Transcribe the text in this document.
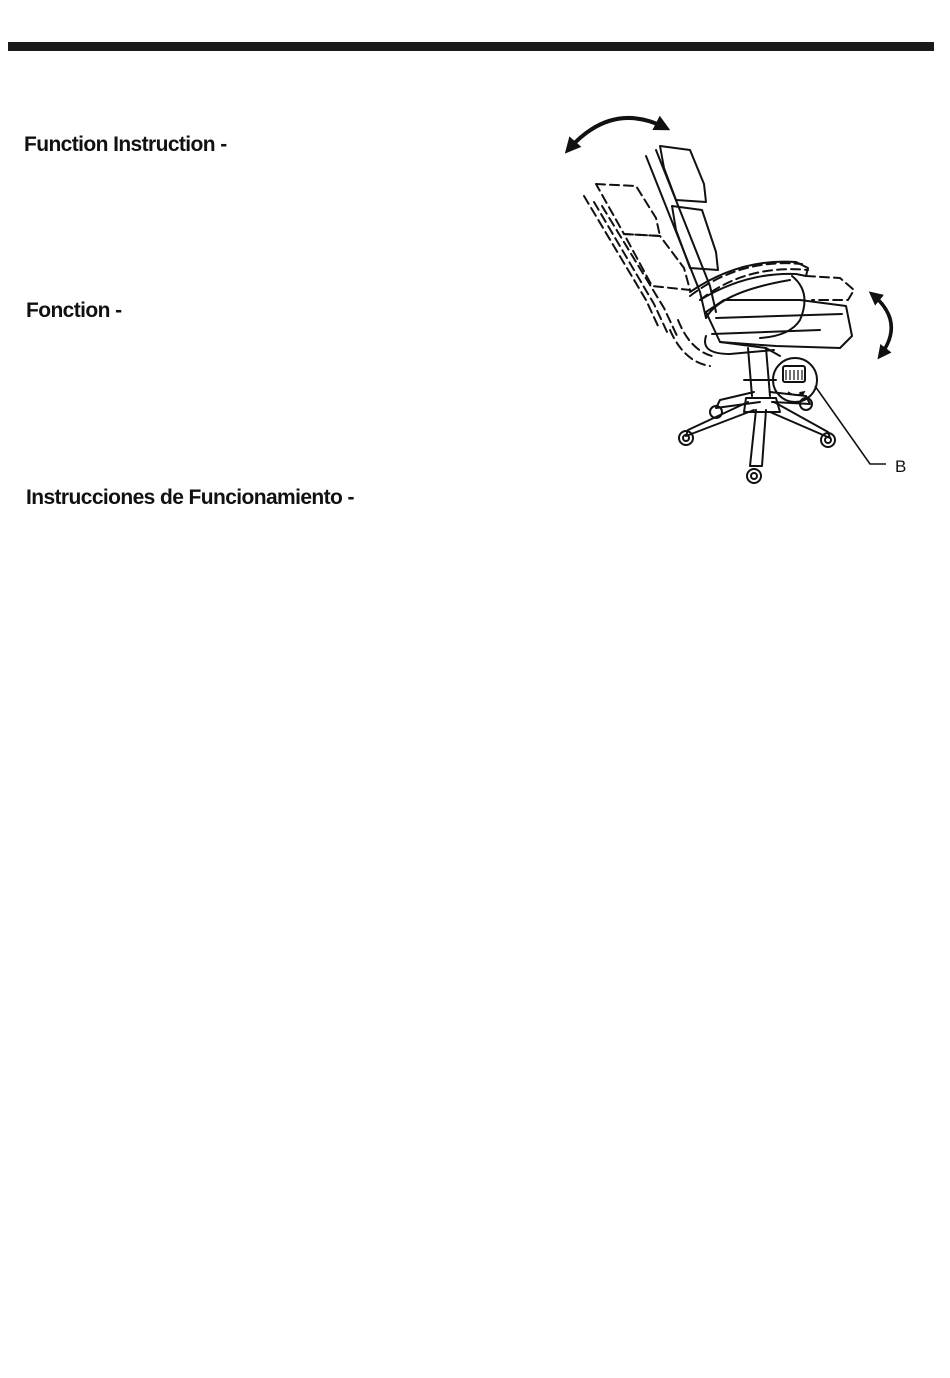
Function Instruction -
Fonction -
Instrucciones de Funcionamiento -
B
